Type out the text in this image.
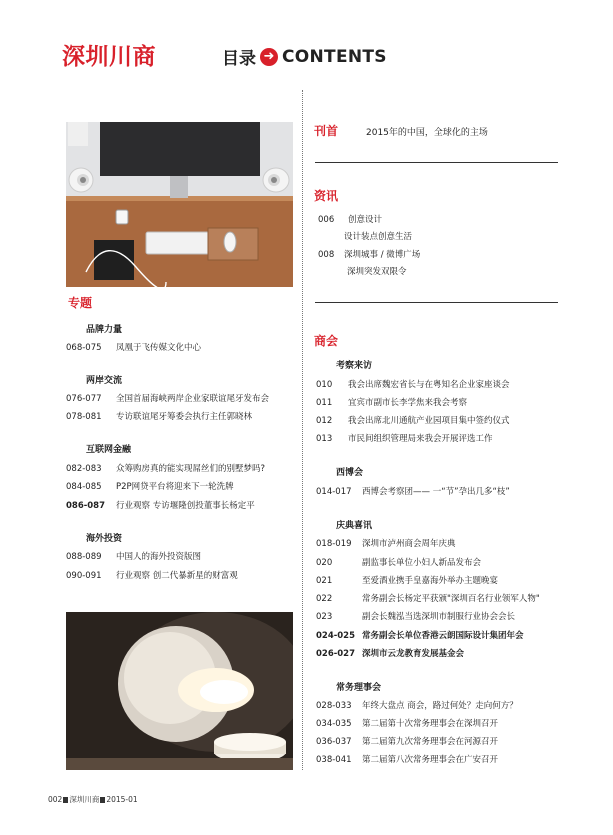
深圳川商	目录 ➜ CONTENTS
专题
品牌力量
068-075 凤凰于飞传媒文化中心
两岸交流
076-077 全国首届海峡两岸企业家联谊尾牙发布会
078-081 专访联谊尾牙筹委会执行主任郭晓林
互联网金融
082-083 众筹购房真的能实现屌丝们的别墅梦吗?
084-085 P2P网贷平台将迎来下一轮洗牌
086-087 行业观察 专访堰隆创投董事长杨定平
海外投资
088-089 中国人的海外投资版图
090-091 行业观察 创二代暴新星的财富观
刊首	2015年的中国，全球化的主场
资讯
006 创意设计
设计装点创意生活
008 深圳城事 / 微博广场
深圳突发双限令
商会
考察来访
010 我会出席魏宏省长与在粤知名企业家座谈会
011 宜宾市副市长李学焦来我会考察
012 我会出席北川通航产业园项目集中签约仪式
013 市民间组织管理局来我会开展评选工作
西博会
014-017 西博会考察团—— 一“节”孕出几多“枝”
庆典喜讯
018-019 深圳市泸州商会周年庆典
020	副监事长单位小妇人新品发布会
021	至爱酒业携手皇嘉海外举办主题晚宴
022	常务副会长杨定平获颁"深圳百名行业领军人物"
023	副会长魏泓当选深圳市制服行业协会会长
024-025 常务副会长单位香港云朗国际设计集团年会
026-027 深圳市云龙教育发展基金会
常务理事会
028-033 年终大盘点 商会，路过何处？走向何方？
034-035 第二届第十次常务理事会在深圳召开
036-037 第二届第九次常务理事会在河源召开
038-041 第二届第八次常务理事会在广安召开
002 深圳川商 2015-01
